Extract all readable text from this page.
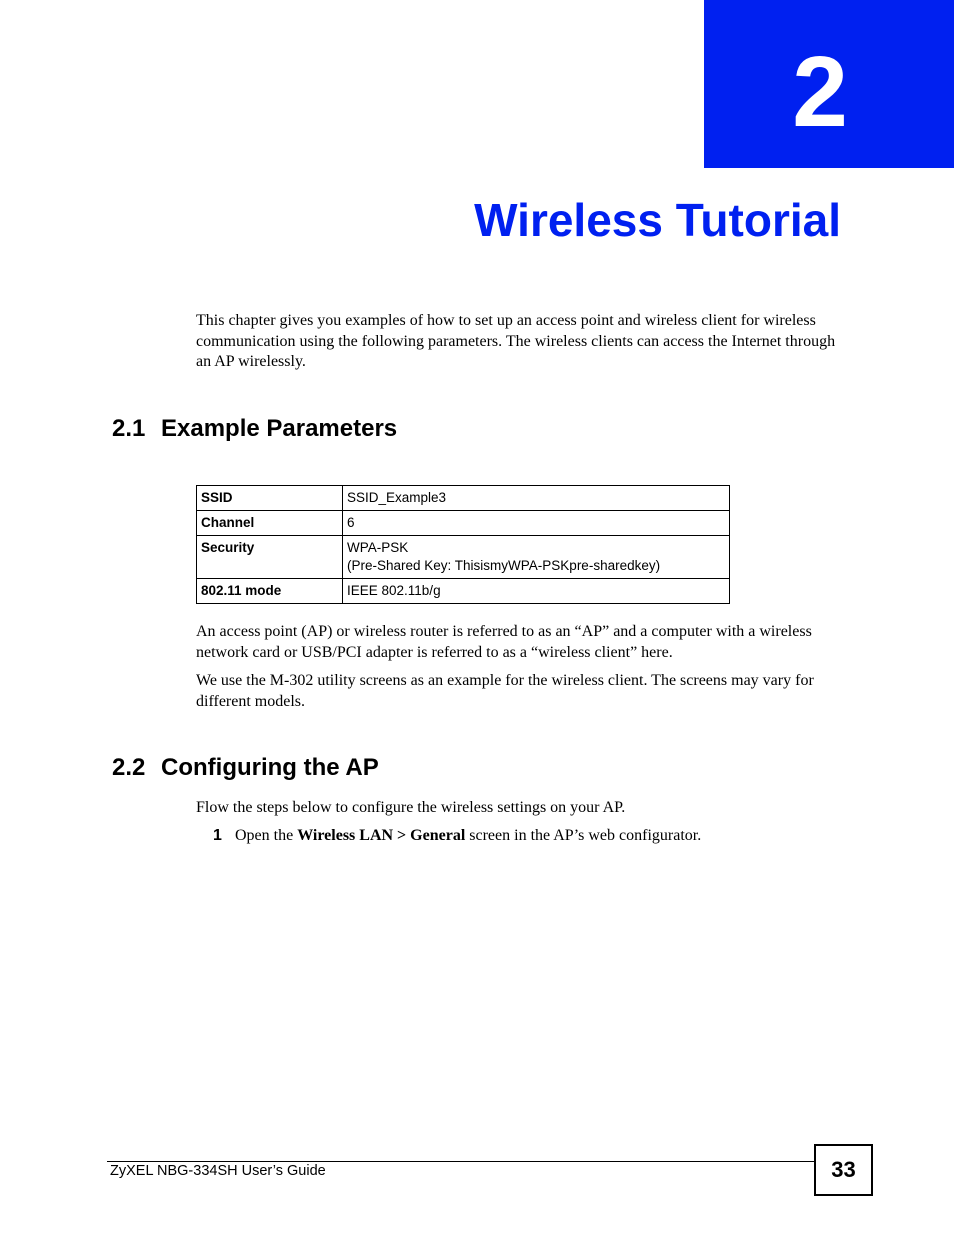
2
Wireless Tutorial

This chapter gives you examples of how to set up an access point and wireless client for wireless communication using the following parameters. The wireless clients can access the Internet through an AP wirelessly.

2.1 Example Parameters
SSID	SSID_Example3
Channel	6
Security	WPA-PSK
(Pre-Shared Key: ThisismyWPA-PSKpre-sharedkey)

802.11 mode	IEEE 802.11b/g

An access point (AP) or wireless router is referred to as an “AP” and a computer with a wireless network card or USB/PCI adapter is referred to as a “wireless client” here.

We use the M-302 utility screens as an example for the wireless client. The screens may vary for different models.

2.2 Configuring the AP

Flow the steps below to configure the wireless settings on your AP.

1 Open the Wireless LAN > General screen in the AP’s web configurator.
ZyXEL NBG-334SH User’s Guide	33
